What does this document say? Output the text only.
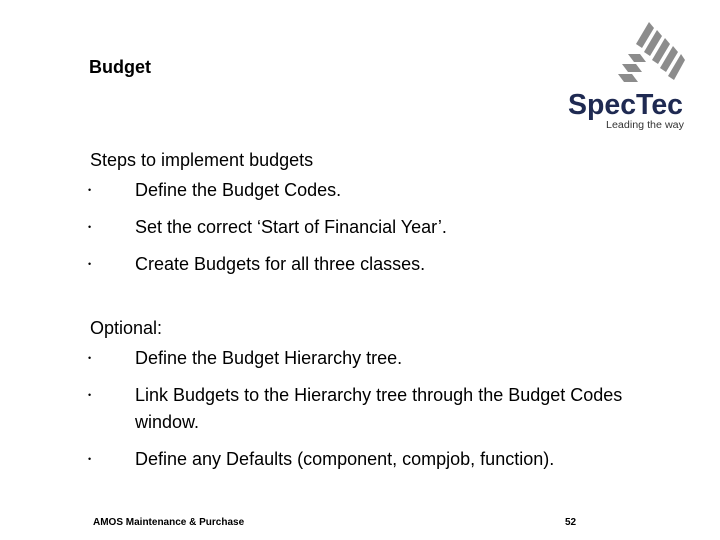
Budget
SpecTec
Leading the way
Steps to implement budgets
• Define the Budget Codes.
• Set the correct ‘Start of Financial Year’.
• Create Budgets for all three classes.
Optional:
• Define the Budget Hierarchy tree.
• Link Budgets to the Hierarchy tree through the Budget Codes window.
• Define any Defaults (component, compjob, function).
AMOS Maintenance & Purchase	52
